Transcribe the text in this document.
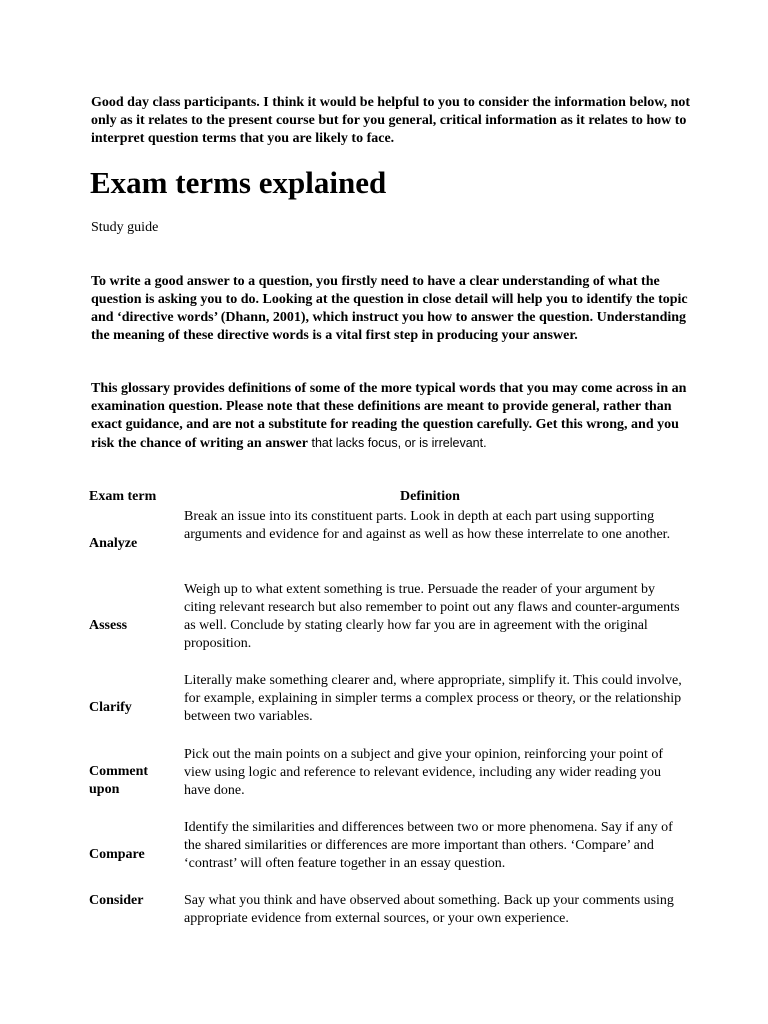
Good day class participants. I think it would be helpful to you to consider the information below, not only as it relates to the present course but for you general, critical information as it relates to how to interpret question terms that you are likely to face.

Exam terms explained

Study guide

To write a good answer to a question, you firstly need to have a clear understanding of what the question is asking you to do. Looking at the question in close detail will help you to identify the topic and ‘directive words’ (Dhann, 2001), which instruct you how to answer the question. Understanding the meaning of these directive words is a vital first step in producing your answer.

This glossary provides definitions of some of the more typical words that you may come across in an examination question. Please note that these definitions are meant to provide general, rather than exact guidance, and are not a substitute for reading the question carefully. Get this wrong, and you risk the chance of writing an answer that lacks focus, or is irrelevant.

Exam term	Definition
Analyze
Break an issue into its constituent parts. Look in depth at each part using supporting arguments and evidence for and against as well as how these interrelate to one another.
Assess
Weigh up to what extent something is true. Persuade the reader of your argument by citing relevant research but also remember to point out any flaws and counter-arguments as well. Conclude by stating clearly how far you are in agreement with the original proposition.
Clarify
Literally make something clearer and, where appropriate, simplify it. This could involve, for example, explaining in simpler terms a complex process or theory, or the relationship between two variables.
Comment upon
Pick out the main points on a subject and give your opinion, reinforcing your point of view using logic and reference to relevant evidence, including any wider reading you have done.
Compare
Identify the similarities and differences between two or more phenomena. Say if any of the shared similarities or differences are more important than others. ‘Compare’ and ‘contrast’ will often feature together in an essay question.
Consider	Say what you think and have observed about something. Back up your comments using appropriate evidence from external sources, or your own experience.
